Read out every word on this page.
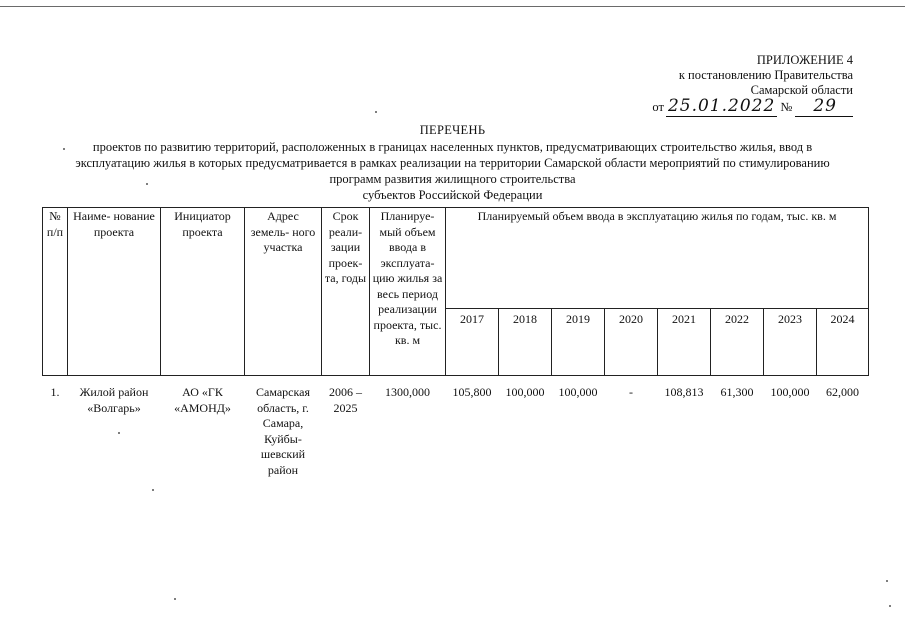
ПРИЛОЖЕНИЕ 4
к постановлению Правительства
Самарской области
от 25.01.2022 № 29
ПЕРЕЧЕНЬ
проектов по развитию территорий, расположенных в границах населенных пунктов, предусматривающих строительство жилья, ввод в
эксплуатацию жилья в которых предусматривается в рамках реализации на территории Самарской области мероприятий по стимулированию
программ развития жилищного строительства
субъектов Российской Федерации
№ п/п	Наиме- нование проекта	Инициатор проекта	Адрес земель- ного участка	Срок реали- зации проек- та, годы	Планируе- мый объем ввода в эксплуата- цию жилья за весь период реализации проекта, тыс. кв. м	Планируемый объем ввода в эксплуатацию жилья по годам, тыс. кв. м							
						2017	2018	2019	2020	2021	2022	2023	2024

1.	Жилой район «Волгарь»	АО «ГК «АМОНД»	Самарская область, г. Самара, Куйбы- шевский район	2006 – 2025	1300,000	105,800	100,000	100,000	-	108,813	61,300	100,000	62,000
